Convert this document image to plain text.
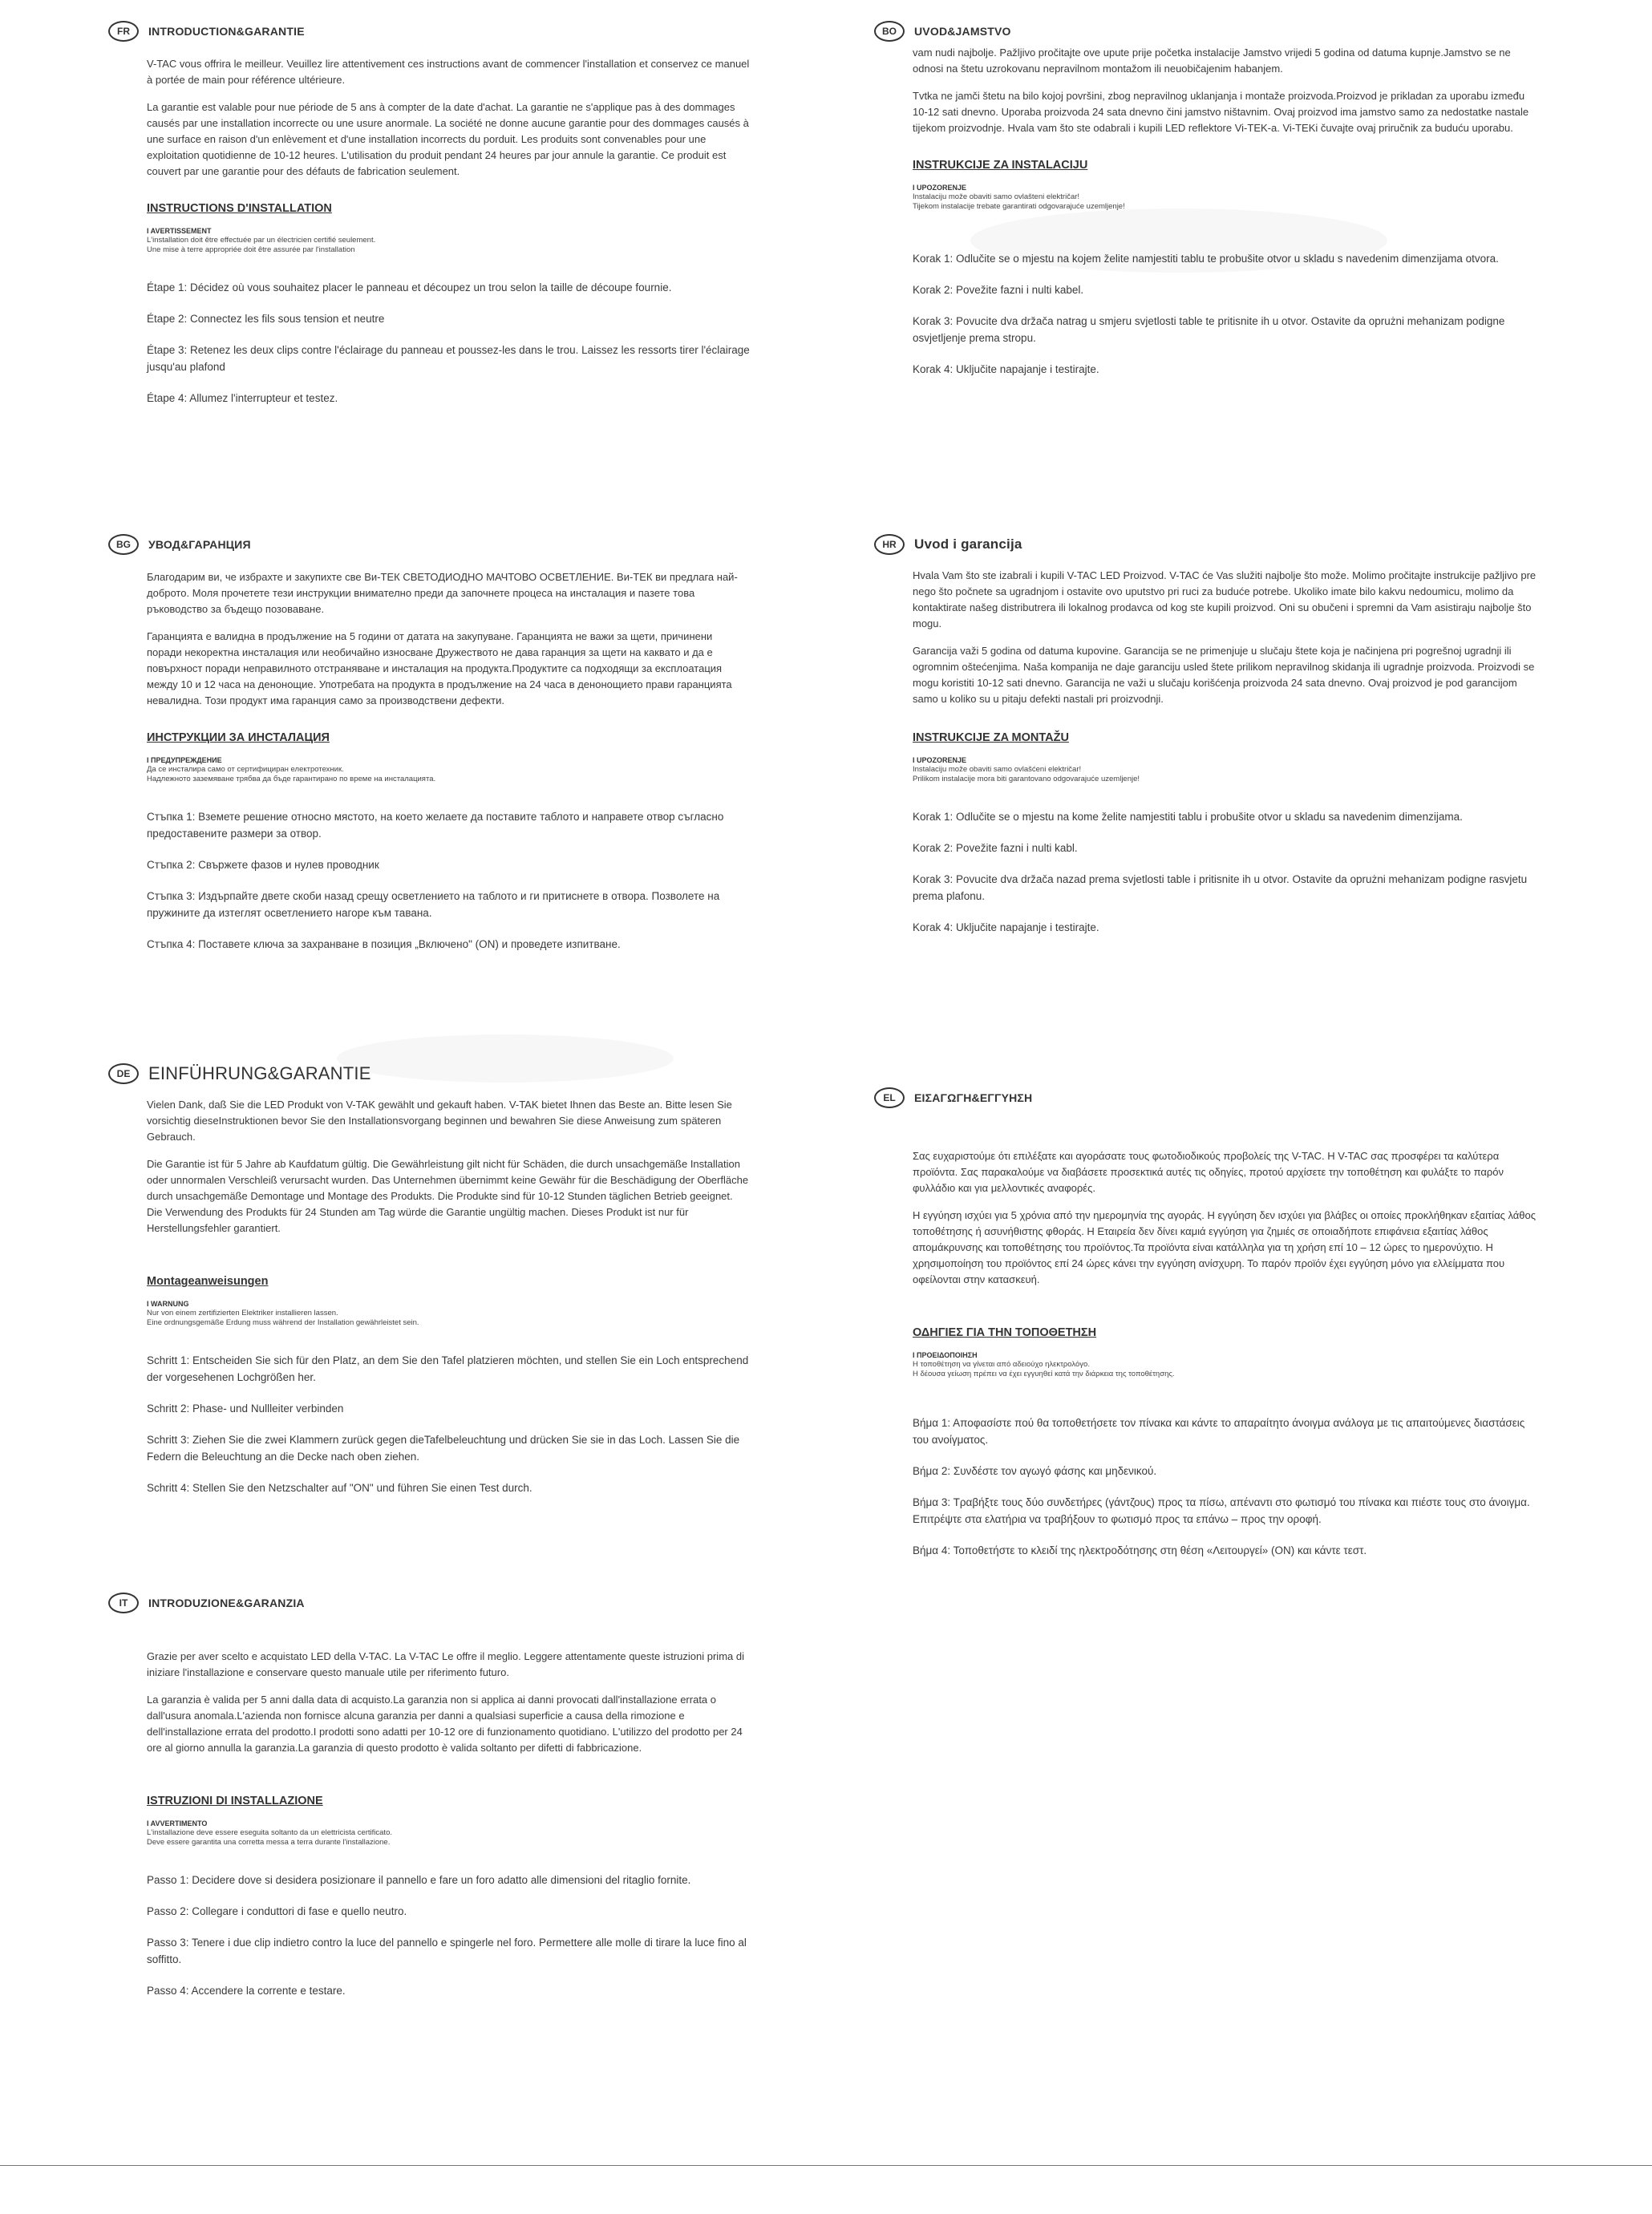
FR	INTRODUCTION&GARANTIE

V-TAC vous offrira le meilleur. Veuillez lire attentivement ces instructions avant de commencer l'installation et conservez ce manuel à portée de main pour référence ultérieure.

La garantie est valable pour nue période de 5 ans à compter de la date d'achat. La garantie ne s'applique pas à des dommages causés par une installation incorrecte ou une usure anormale. La société ne donne aucune garantie pour des dommages causés à une surface en raison d'un enlèvement et d'une installation incorrects du porduit. Les produits sont convenables pour une exploitation quotidienne de 10-12 heures. L'utilisation du produit pendant 24 heures par jour annule la garantie. Ce produit est couvert par une garantie pour des défauts de fabrication seulement.

INSTRUCTIONS D'INSTALLATION

I AVERTISSEMENT

L'installation doit être effectuée par un électricien certifié seulement.

Une mise à terre appropriée doit être assurée par l'installation

Étape 1: Décidez où vous souhaitez placer le panneau et découpez un trou selon la taille de découpe fournie.

Étape 2: Connectez les fils sous tension et neutre

Étape 3: Retenez les deux clips contre l'éclairage du panneau et poussez-les dans le trou. Laissez les ressorts tirer l'éclairage jusqu'au plafond

Étape 4: Allumez l'interrupteur et testez.

BG	УВОД&ГАРАНЦИЯ

Благодарим ви, че избрахте и закупихте све Ви-ТЕК СВЕТОДИОДНО МАЧТОВО ОСВЕТЛЕНИЕ. Ви-ТЕК ви предлага най-доброто. Моля прочетете тези инструкции внимателно преди да започнете процеса на инсталация и пазете това ръководство за бъдещо позоваване.

Гаранцията е валидна в продължение на 5 години от датата на закупуване. Гаранцията не важи за щети, причинени поради некоректна инсталация или необичайно износване Дружеството не дава гаранция за щети на каквато и да е повърхност поради неправилното отстраняване и инсталация на продукта.Продуктите са подходящи за експлоатация между 10 и 12 часа на денонощие. Употребата на продукта в продължение на 24 часа в денонощието прави гаранцията невалидна. Този продукт има гаранция само за производствени дефекти.

ИНСТРУКЦИИ ЗА ИНСТАЛАЦИЯ

I ПРЕДУПРЕЖДЕНИЕ

Да се инсталира само от сертифициран електротехник.

Надлежното заземяване трябва да бъде гарантирано по време на инсталацията.

Стъпка 1: Вземете решение относно мястото, на което желаете да поставите таблото и направете отвор съгласно предоставените размери за отвор.

Стъпка 2: Свържете фазов и нулев проводник

Стъпка 3: Издърпайте двете скоби назад срещу осветлението на таблото и ги притиснете в отвора. Позволете на пружините да изтеглят осветлението нагоре към тавана.

Стъпка 4: Поставете ключа за захранване в позиция „Включено" (ON) и проведете изпитване.

DE	EINFÜHRUNG&GARANTIE

Vielen Dank, daß Sie die LED Produkt von V-TAK gewählt und gekauft haben. V-TAK bietet Ihnen das Beste an. Bitte lesen Sie vorsichtig dieseInstruktionen bevor Sie den Installationsvorgang beginnen und bewahren Sie diese Anweisung zum späteren Gebrauch.

Die Garantie ist für 5 Jahre ab Kaufdatum gültig. Die Gewährleistung gilt nicht für Schäden, die durch unsachgemäße Installation oder unnormalen Verschleiß verursacht wurden. Das Unternehmen übernimmt keine Gewähr für die Beschädigung der Oberfläche durch unsachgemäße Demontage und Montage des Produkts. Die Produkte sind für 10-12 Stunden täglichen Betrieb geeignet. Die Verwendung des Produkts für 24 Stunden am Tag würde die Garantie ungültig machen. Dieses Produkt ist nur für Herstellungsfehler garantiert.

Montageanweisungen

I WARNUNG

Nur von einem zertifizierten Elektriker installieren lassen.

Eine ordnungsgemäße Erdung muss während der Installation gewährleistet sein.

Schritt 1: Entscheiden Sie sich für den Platz, an dem Sie den Tafel platzieren möchten, und stellen Sie ein Loch entsprechend der vorgesehenen Lochgrößen her.

Schritt 2: Phase- und Nullleiter verbinden

Schritt 3: Ziehen Sie die zwei Klammern zurück gegen dieTafelbeleuchtung und drücken Sie sie in das Loch. Lassen Sie die Federn die Beleuchtung an die Decke nach oben ziehen.

Schritt 4: Stellen Sie den Netzschalter auf "ON" und führen Sie einen Test durch.

IT	INTRODUZIONE&GARANZIA

Grazie per aver scelto e acquistato LED della V-TAC. La V-TAC Le offre il meglio. Leggere attentamente queste istruzioni prima di iniziare l'installazione e conservare questo manuale utile per riferimento futuro.

La garanzia è valida per 5 anni dalla data di acquisto.La garanzia non si applica ai danni provocati dall'installazione errata o dall'usura anomala.L'azienda non fornisce alcuna garanzia per danni a qualsiasi superficie a causa della rimozione e dell'installazione errata del prodotto.I prodotti sono adatti per 10-12 ore di funzionamento quotidiano. L'utilizzo del prodotto per 24 ore al giorno annulla la garanzia.La garanzia di questo prodotto è valida soltanto per difetti di fabbricazione.

ISTRUZIONI DI INSTALLAZIONE

I AVVERTIMENTO

L'installazione deve essere eseguita soltanto da un elettricista certificato.

Deve essere garantita una corretta messa a terra durante l'installazione.

Passo 1: Decidere dove si desidera posizionare il pannello e fare un foro adatto alle dimensioni del ritaglio fornite.

Passo 2: Collegare i conduttori di fase e quello neutro.

Passo 3: Tenere i due clip indietro contro la luce del pannello e spingerle nel foro. Permettere alle molle di tirare la luce fino al soffitto.

Passo 4: Accendere la corrente e testare.

BO	UVOD&JAMSTVO

vam nudi najbolje. Pažljivo pročitajte ove upute prije početka instalacije Jamstvo vrijedi 5 godina od datuma kupnje.Jamstvo se ne odnosi na štetu uzrokovanu nepravilnom montažom ili neuobičajenim habanjem.

Tvtka ne jamči štetu na bilo kojoj površini, zbog nepravilnog uklanjanja i montaže proizvoda.Proizvod je prikladan za uporabu između 10-12 sati dnevno. Uporaba proizvoda 24 sata dnevno čini jamstvo ništavnim. Ovaj proizvod ima jamstvo samo za nedostatke nastale tijekom proizvodnje. Hvala vam što ste odabrali i kupili LED reflektore Vi-TEK-a. Vi-TEKi čuvajte ovaj priručnik za buduću uporabu.

INSTRUKCIJE ZA INSTALACIJU

I UPOZORENJE

Instalaciju može obaviti samo ovlašteni električar!

Tijekom instalacije trebate garantirati odgovarajuće uzemljenje!

Korak 1: Odlučite se o mjestu na kojem želite namjestiti tablu te probušite otvor u skladu s navedenim dimenzijama otvora.

Korak 2: Povežite fazni i nulti kabel.

Korak 3: Povucite dva držača natrag u smjeru svjetlosti table te pritisnite ih u otvor. Ostavite da oprużni mehanizam podigne osvjetljenje prema stropu.

Korak 4: Uključite napajanje i testirajte.

HR	Uvod i garancija

Hvala Vam što ste izabrali i kupili V-TAC LED Proizvod. V-TAC će Vas služiti najbolje što može. Molimo pročitajte instrukcije pažljivo pre nego što počnete sa ugradnjom i ostavite ovo uputstvo pri ruci za buduće potrebe. Ukoliko imate bilo kakvu nedoumicu, molimo da kontaktirate našeg distributrera ili lokalnog prodavca od kog ste kupili proizvod. Oni su obučeni i spremni da Vam asistiraju najbolje što mogu.

Garancija važi 5 godina od datuma kupovine. Garancija se ne primenjuje u slučaju štete koja je načinjena pri pogrešnoj ugradnji ili ogromnim oštećenjima. Naša kompanija ne daje garanciju usled štete prilikom nepravilnog skidanja ili ugradnje proizvoda. Proizvodi se mogu koristiti 10-12 sati dnevno. Garancija ne važi u slučaju korišćenja proizvoda 24 sata dnevno. Ovaj proizvod je pod garancijom samo u koliko su u pitaju defekti nastali pri proizvodnji.

INSTRUKCIJE ZA MONTAŽU

I UPOZORENJE

Instalaciju može obaviti samo ovlašćeni električar!

Prilikom instalacije mora biti garantovano odgovarajuće uzemljenje!

Korak 1: Odlučite se o mjestu na kome želite namjestiti tablu i probušite otvor u skladu sa navedenim dimenzijama.

Korak 2: Povežite fazni i nulti kabl.

Korak 3: Povucite dva držača nazad prema svjetlosti table i pritisnite ih u otvor. Ostavite da oprużni mehanizam podigne rasvjetu prema plafonu.

Korak 4: Uključite napajanje i testirajte.

EL	ΕΙΣΑΓΩΓΗ&ΕΓΓΥΗΣΗ

Σας ευχαριστούμε ότι επιλέξατε και αγοράσατε τους φωτοδιοδικούς προβολείς της V-TAC. Η V-TAC σας προσφέρει τα καλύτερα προϊόντα. Σας παρακαλούμε να διαβάσετε προσεκτικά αυτές τις οδηγίες, προτού αρχίσετε την τοποθέτηση και φυλάξτε το παρόν φυλλάδιο και για μελλοντικές αναφορές.

Η εγγύηση ισχύει για 5 χρόνια από την ημερομηνία της αγοράς. Η εγγύηση δεν ισχύει για βλάβες οι οποίες προκλήθηκαν εξαιτίας λάθος τοποθέτησης ή ασυνήθιστης φθοράς. Η Εταιρεία δεν δίνει καμιά εγγύηση για ζημιές σε οποιαδήποτε επιφάνεια εξαιτίας λάθος απομάκρυνσης και τοποθέτησης του προϊόντος.Τα προϊόντα είναι κατάλληλα για τη χρήση επί 10 – 12 ώρες το ημερονύχτιο. Η χρησιμοποίηση του προϊόντος επί 24 ώρες κάνει την εγγύηση ανίσχυρη. Το παρόν προϊόν έχει εγγύηση μόνο για ελλείμματα που οφείλονται στην κατασκευή.

ΟΔΗΓΙΕΣ ΓΙΑ ΤΗΝ ΤΟΠΟΘΕΤΗΣΗ

I ΠΡΟΕΙΔΟΠΟΙΗΣΗ

Η τοποθέτηση να γίνεται από αδειούχο ηλεκτρολόγο.

Η δέουσα γείωση πρέπει να έχει εγγυηθεί κατά την διάρκεια της τοποθέτησης.

Βήμα 1: Αποφασίστε πού θα τοποθετήσετε τον πίνακα και κάντε το απαραίτητο άνοιγμα ανάλογα με τις απαιτούμενες διαστάσεις του ανοίγματος.

Βήμα 2: Συνδέστε τον αγωγό φάσης και μηδενικού.

Βήμα 3: Τραβήξτε τους δύο συνδετήρες (γάντζους) προς τα πίσω, απέναντι στο φωτισμό του πίνακα και πιέστε τους στο άνοιγμα. Επιτρέψτε στα ελατήρια να τραβήξουν το φωτισμό προς τα επάνω – προς την οροφή.

Βήμα 4: Τοποθετήστε το κλειδί της ηλεκτροδότησης στη θέση «Λειτουργεί» (ON) και κάντε τεστ.
